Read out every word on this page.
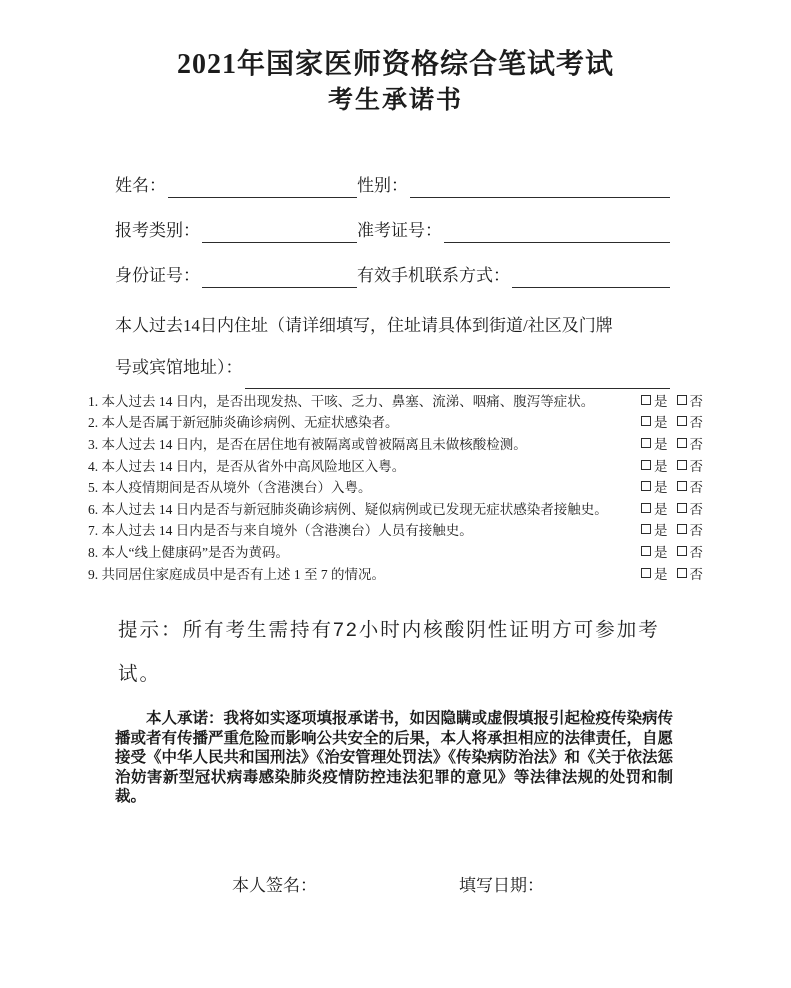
2021年国家医师资格综合笔试考试
考生承诺书
姓名：	性别：
报考类别：	准考证号：
身份证号：	有效手机联系方式：
本人过去14日内住址（请详细填写，住址请具体到街道/社区及门牌
号或宾馆地址）：
1. 本人过去 14 日内，是否出现发热、干咳、乏力、鼻塞、流涕、咽痛、腹泻等症状。	是 否
2. 本人是否属于新冠肺炎确诊病例、无症状感染者。	是 否
3. 本人过去 14 日内，是否在居住地有被隔离或曾被隔离且未做核酸检测。	是 否
4. 本人过去 14 日内，是否从省外中高风险地区入粤。	是 否
5. 本人疫情期间是否从境外（含港澳台）入粤。	是 否
6. 本人过去 14 日内是否与新冠肺炎确诊病例、疑似病例或已发现无症状感染者接触史。	是 否
7. 本人过去 14 日内是否与来自境外（含港澳台）人员有接触史。	是 否
8. 本人“线上健康码”是否为黄码。	是 否
9. 共同居住家庭成员中是否有上述 1 至 7 的情况。	是 否
提示：所有考生需持有72小时内核酸阴性证明方可参加考试。
本人承诺：我将如实逐项填报承诺书，如因隐瞒或虚假填报引起检疫传染病传播或者有传播严重危险而影响公共安全的后果，本人将承担相应的法律责任，自愿接受《中华人民共和国刑法》《治安管理处罚法》《传染病防治法》和《关于依法惩治妨害新型冠状病毒感染肺炎疫情防控违法犯罪的意见》等法律法规的处罚和制裁。
本人签名：	填写日期：
